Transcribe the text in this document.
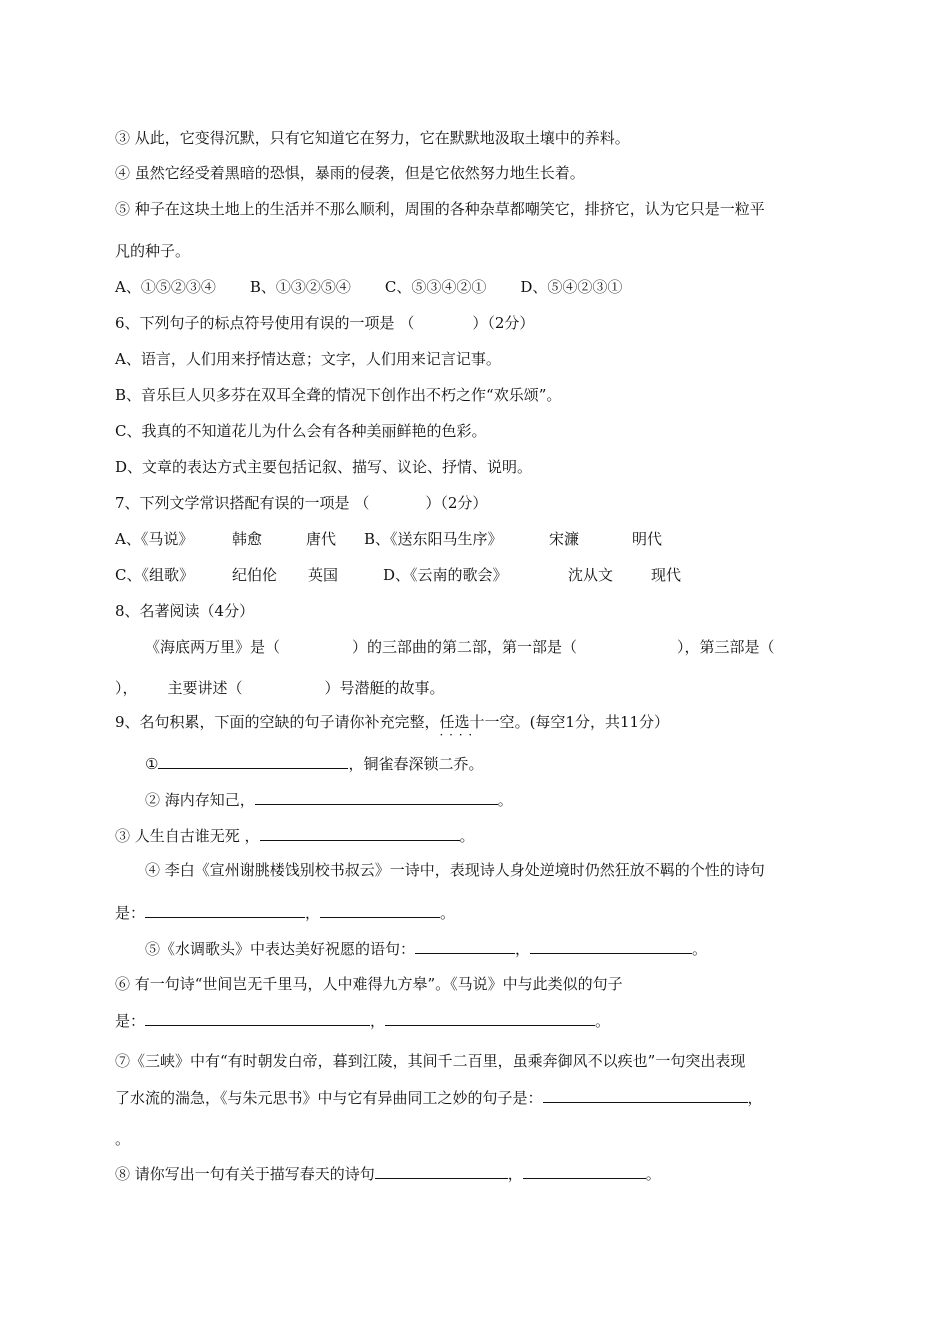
③ 从此，它变得沉默，只有它知道它在努力，它在默默地汲取土壤中的养料。
④ 虽然它经受着黑暗的恐惧，暴雨的侵袭，但是它依然努力地生长着。
⑤ 种子在这块土地上的生活并不那么顺利，周围的各种杂草都嘲笑它，排挤它，认为它只是一粒平
凡的种子。
A、①⑤②③④ B、①③②⑤④ C、⑤③④②① D、⑤④②③①
6、下列句子的标点符号使用有误的一项是 （	）（2分）
A、语言，人们用来抒情达意；文字，人们用来记言记事。
B、音乐巨人贝多芬在双耳全聋的情况下创作出不朽之作“欢乐颂”。
C、我真的不知道花儿为什么会有各种美丽鲜艳的色彩。
D、文章的表达方式主要包括记叙、描写、议论、抒情、说明。
7、下列文学常识搭配有误的一项是 （	）（2分）
A、《马说》	韩愈	唐代 B、《送东阳马生序》	宋濂	明代
C、《组歌》	纪伯伦 英国	D、《云南的歌会》	沈从文	现代
8、名著阅读（4分）
《海底两万里》是（	）的三部曲的第二部，第一部是（	），第三部是（
）， 主要讲述（	）号潜艇的故事。
9、名句积累，下面的空缺的句子请你补充完整，任选十一空 · · · ·。(每空1分，共11分）
①	，铜雀春深锁二乔。
② 海内存知己，	。
③ 人生自古谁无死 ，	。
④ 李白《宣州谢朓楼饯别校书叔云》一诗中，表现诗人身处逆境时仍然狂放不羁的个性的诗句
是：	，	。
⑤《水调歌头》中表达美好祝愿的语句：	，	。
⑥ 有一句诗“世间岂无千里马，人中难得九方皋”。《马说》中与此类似的句子
是：	，	。
⑦《三峡》中有“有时朝发白帝，暮到江陵，其间千二百里，虽乘奔御风不以疾也”一句突出表现
了水流的湍急，《与朱元思书》中与它有异曲同工之妙的句子是：	，
。
⑧ 请你写出一句有关于描写春天的诗句	，	。
